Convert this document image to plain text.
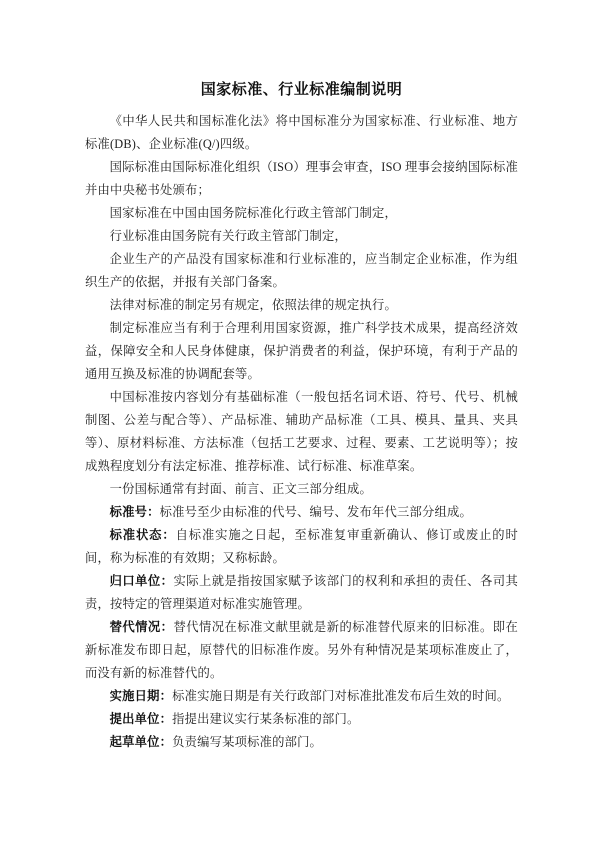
国家标准、行业标准编制说明

《中华人民共和国标准化法》将中国标准分为国家标准、行业标准、地方标准(DB)、企业标准(Q/)四级。

国际标准由国际标准化组织（ISO）理事会审查，ISO 理事会接纳国际标准并由中央秘书处颁布；

国家标准在中国由国务院标准化行政主管部门制定，

行业标准由国务院有关行政主管部门制定，

企业生产的产品没有国家标准和行业标准的，应当制定企业标准，作为组织生产的依据，并报有关部门备案。

法律对标准的制定另有规定，依照法律的规定执行。

制定标准应当有利于合理利用国家资源，推广科学技术成果，提高经济效益，保障安全和人民身体健康，保护消费者的利益，保护环境，有利于产品的通用互换及标准的协调配套等。

中国标准按内容划分有基础标准（一般包括名词术语、符号、代号、机械制图、公差与配合等）、产品标准、辅助产品标准（工具、模具、量具、夹具等）、原材料标准、方法标准（包括工艺要求、过程、要素、工艺说明等）；按成熟程度划分有法定标准、推荐标准、试行标准、标准草案。

一份国标通常有封面、前言、正文三部分组成。

标准号：标准号至少由标准的代号、编号、发布年代三部分组成。

标准状态：自标准实施之日起，至标准复审重新确认、修订或废止的时间，称为标准的有效期；又称标龄。

归口单位：实际上就是指按国家赋予该部门的权利和承担的责任、各司其责，按特定的管理渠道对标准实施管理。

替代情况：替代情况在标准文献里就是新的标准替代原来的旧标准。即在新标准发布即日起，原替代的旧标准作废。另外有种情况是某项标准废止了，而没有新的标准替代的。

实施日期：标准实施日期是有关行政部门对标准批准发布后生效的时间。

提出单位：指提出建议实行某条标准的部门。

起草单位：负责编写某项标准的部门。
